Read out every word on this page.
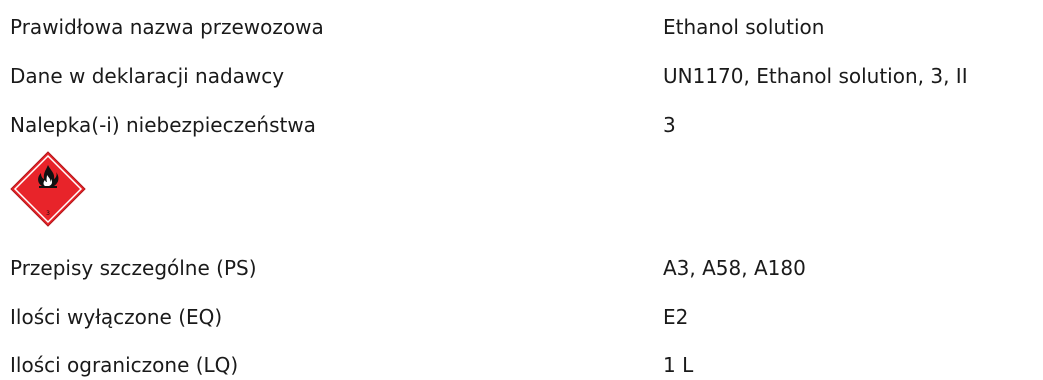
Prawidłowa nazwa przewozowa	Ethanol solution
Dane w deklaracji nadawcy	UN1170, Ethanol solution, 3, II
Nalepka(-i) niebezpieczeństwa	3
3
Przepisy szczególne (PS)	A3, A58, A180
Ilości wyłączone (EQ)	E2
Ilości ograniczone (LQ)	1 L
